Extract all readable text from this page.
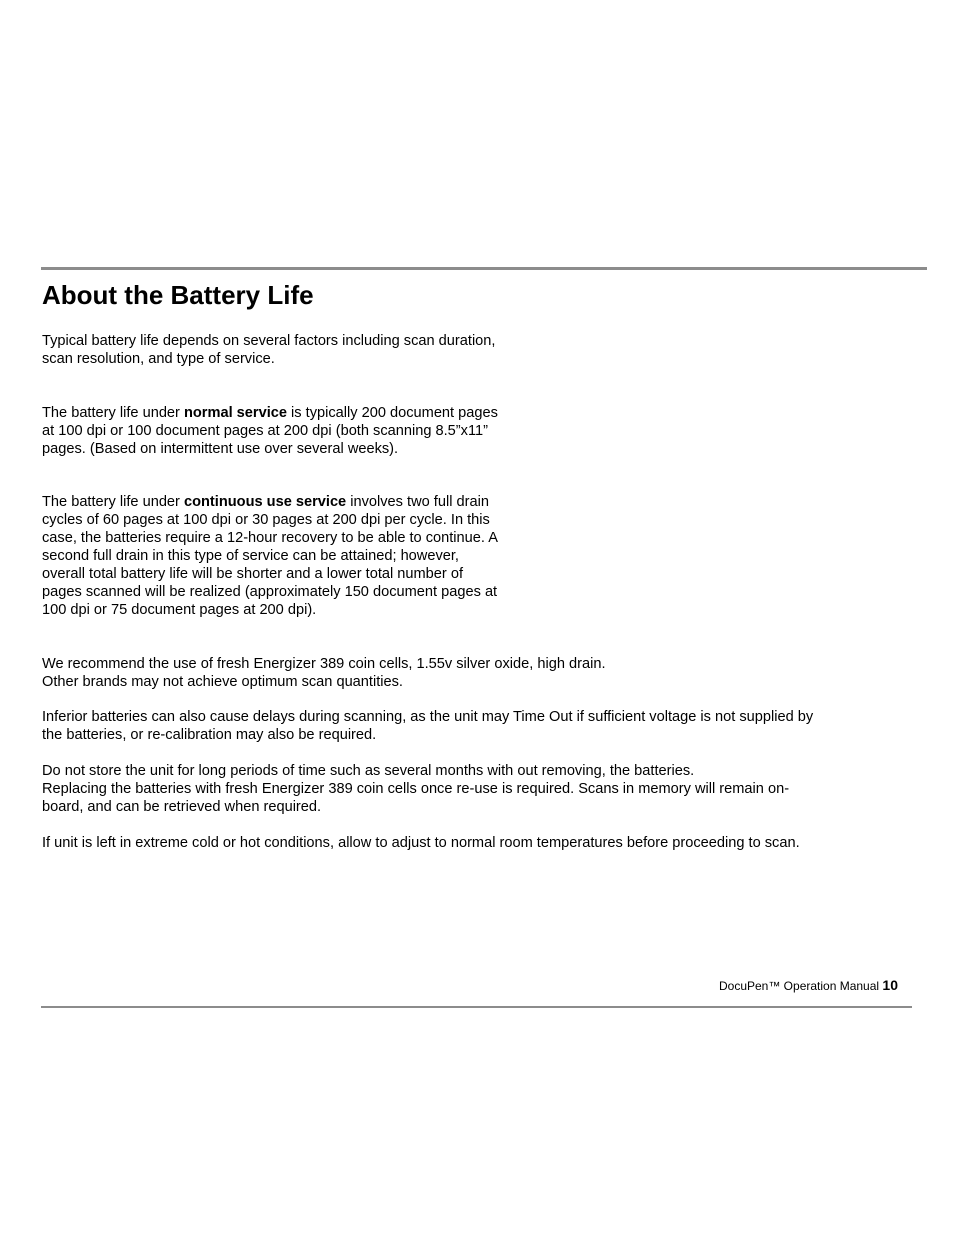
About the Battery Life

Typical battery life depends on several factors including scan duration,
scan resolution, and type of service.

The battery life under normal service is typically 200 document pages
at 100 dpi or 100 document pages at 200 dpi (both scanning 8.5”x11”
pages. (Based on intermittent use over several weeks).

The battery life under continuous use service involves two full drain
cycles of 60 pages at 100 dpi or 30 pages at 200 dpi per cycle. In this
case, the batteries require a 12-hour recovery to be able to continue. A
second full drain in this type of service can be attained; however,
overall total battery life will be shorter and a lower total number of
pages scanned will be realized (approximately 150 document pages at
100 dpi or 75 document pages at 200 dpi).

We recommend the use of fresh Energizer 389 coin cells, 1.55v silver oxide, high drain.
Other brands may not achieve optimum scan quantities.

Inferior batteries can also cause delays during scanning, as the unit may Time Out if sufficient voltage is not supplied by
the batteries, or re-calibration may also be required.

Do not store the unit for long periods of time such as several months with out removing, the batteries.
Replacing the batteries with fresh Energizer 389 coin cells once re-use is required. Scans in memory will remain on-
board, and can be retrieved when required.

If unit is left in extreme cold or hot conditions, allow to adjust to normal room temperatures before proceeding to scan.

DocuPen™ Operation Manual 10
